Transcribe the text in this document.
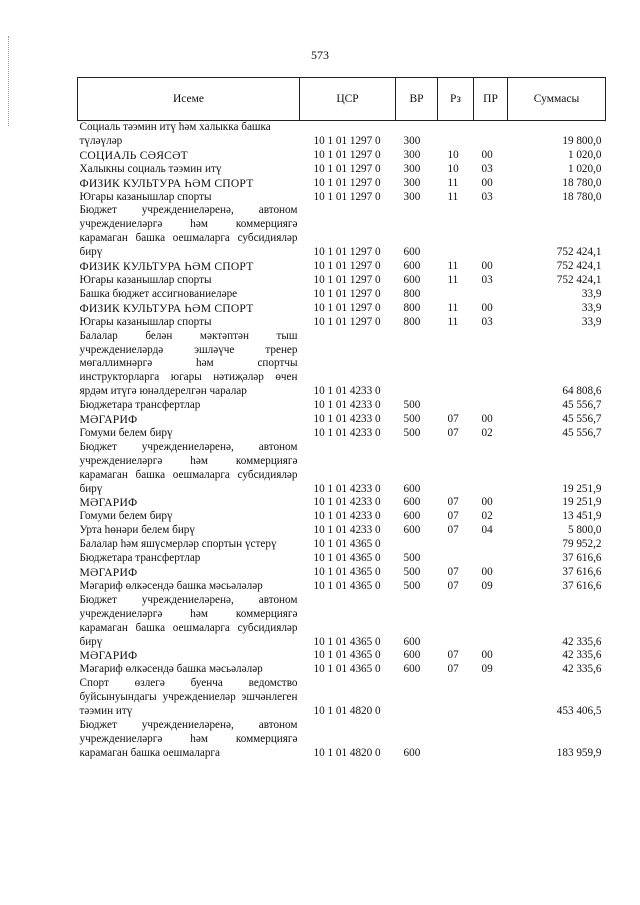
573
Исеме	ЦСР	ВР	Рз	ПР	Суммасы
Социаль тәэмин итү һәм халыкка башка түләүләр	10 1 01 1297 0	300			19 800,0
СОЦИАЛЬ СӘЯСӘТ	10 1 01 1297 0	300	10	00	1 020,0
Халыкны социаль тәэмин итү	10 1 01 1297 0	300	10	03	1 020,0
ФИЗИК КУЛЬТУРА ҺӘМ СПОРТ	10 1 01 1297 0	300	11	00	18 780,0
Югары казанышлар спорты	10 1 01 1297 0	300	11	03	18 780,0
Бюджет учреждениеләренә, автоном учреждениеләргә һәм коммерциягә карамаган башка оешмаларга субсидияләр бирү	10 1 01 1297 0	600			752 424,1
ФИЗИК КУЛЬТУРА ҺӘМ СПОРТ	10 1 01 1297 0	600	11	00	752 424,1
Югары казанышлар спорты	10 1 01 1297 0	600	11	03	752 424,1
Башка бюджет ассигнованиеләре	10 1 01 1297 0	800			33,9
ФИЗИК КУЛЬТУРА ҺӘМ СПОРТ	10 1 01 1297 0	800	11	00	33,9
Югары казанышлар спорты	10 1 01 1297 0	800	11	03	33,9
Балалар белән мәктәптән тыш учреждениеләрдә эшләүче тренер мөгаллимнәргә һәм спортчы инструкторларга югары нәтиҗәләр өчен ярдәм итүгә юнәлдерелгән чаралар	10 1 01 4233 0				64 808,6
Бюджетара трансфертлар	10 1 01 4233 0	500			45 556,7
МӘГАРИФ	10 1 01 4233 0	500	07	00	45 556,7
Гомуми белем бирү	10 1 01 4233 0	500	07	02	45 556,7
Бюджет учреждениеләренә, автоном учреждениеләргә һәм коммерциягә карамаган башка оешмаларга субсидияләр бирү	10 1 01 4233 0	600			19 251,9
МӘГАРИФ	10 1 01 4233 0	600	07	00	19 251,9
Гомуми белем бирү	10 1 01 4233 0	600	07	02	13 451,9
Урта һөнәри белем бирү	10 1 01 4233 0	600	07	04	5 800,0
Балалар һәм яшүсмерләр спортын үстерү	10 1 01 4365 0				79 952,2
Бюджетара трансфертлар	10 1 01 4365 0	500			37 616,6
МӘГАРИФ	10 1 01 4365 0	500	07	00	37 616,6
Мәгариф өлкәсендә башка мәсьәләләр	10 1 01 4365 0	500	07	09	37 616,6
Бюджет учреждениеләренә, автоном учреждениеләргә һәм коммерциягә карамаган башка оешмаларга субсидияләр бирү	10 1 01 4365 0	600			42 335,6
МӘГАРИФ	10 1 01 4365 0	600	07	00	42 335,6
Мәгариф өлкәсендә башка мәсьәләләр	10 1 01 4365 0	600	07	09	42 335,6
Спорт өзлегә буенча ведомство буйсынуындагы учреждениеләр эшчәнлеген тәэмин итү	10 1 01 4820 0				453 406,5
Бюджет учреждениеләренә, автоном учреждениеләргә һәм коммерциягә карамаган башка оешмаларга	10 1 01 4820 0	600			183 959,9
